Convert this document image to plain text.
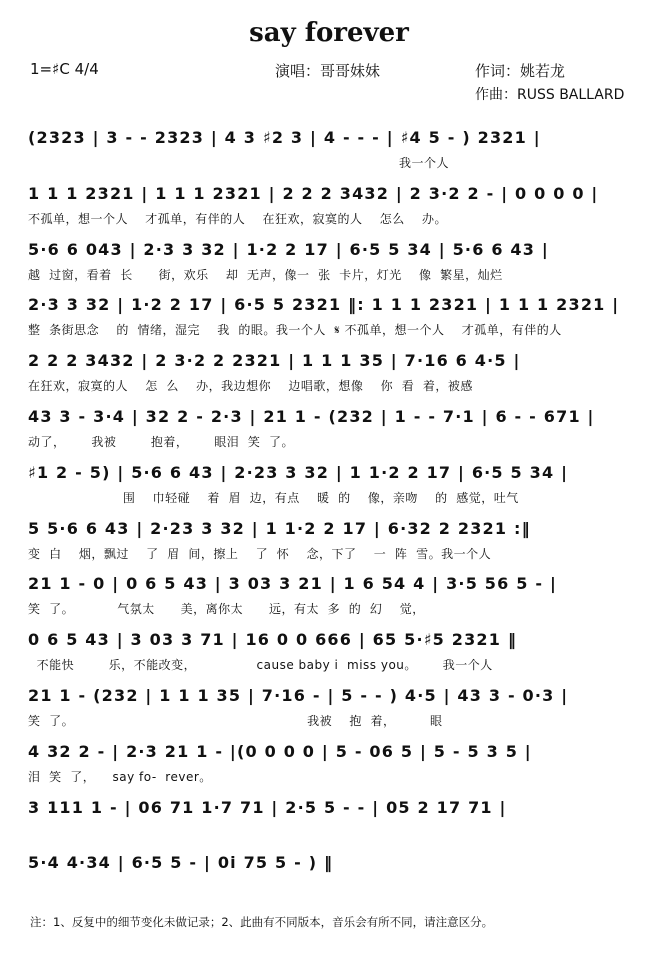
say forever
1=♯C 4/4	演唱：哥哥妹妹	作词：姚若龙
作曲：RUSS BALLARD
(2323 | 3 - - 2323 | 4 3 ♯2 3 | 4 - - - | ♯4 5 - ) 2321 |
我一个人
1 1 1 2321 | 1 1 1 2321 | 2 2 2 3432 | 2 3·2 2 - | 0 0 0 0 |
不孤单，想一个人    才孤单，有伴的人    在狂欢，寂寞的人    怎么    办。
5·6 6 043 | 2·3 3 32 | 1·2 2 17 | 6·5 5 34 | 5·6 6 43 |
越  过窗，看着  长      街，欢乐    却  无声，像一  张  卡片，灯光    像  繁星，灿烂
2·3 3 32 | 1·2 2 17 | 6·5 5 2321 ‖: 1 1 1 2321 | 1 1 1 2321 |
整  条街思念    的  情绪，湿完    我  的眼。我一个人  𝄋 不孤单，想一个人    才孤单，有伴的人
2 2 2 3432 | 2 3·2 2 2321 | 1 1 1 35 | 7·16 6 4·5 |
在狂欢，寂寞的人    怎  么    办，我边想你    边唱歌，想像    你  看  着，被感
43 3 - 3·4 | 32 2 - 2·3 | 21 1 - (232 | 1 - - 7·1 | 6 - - 671 |
动了，      我被        抱着，      眼泪  笑  了。
♯1 2 - 5) | 5·6 6 43 | 2·23 3 32 | 1 1·2 2 17 | 6·5 5 34 |
围    巾轻碰    着  眉  边，有点    暖  的    像，亲吻    的  感觉，吐气
5 5·6 6 43 | 2·23 3 32 | 1 1·2 2 17 | 6·32 2 2321 :‖
变  白    烟，飘过    了  眉  间，擦上    了  怀    念，下了    一  阵  雪。我一个人
21 1 - 0 | 0 6 5 43 | 3 03 3 21 | 1 6 54 4 | 3·5 56 5 - |
笑  了。          气氛太      美，离你太      远，有太  多  的  幻    觉，
0 6 5 43 | 3 03 3 71 | 16 0 0 666 | 65 5·♯5 2321 ‖
不能快        乐，不能改变，              cause baby i  miss you。      我一个人
21 1 - (232 | 1 1 1 35 | 7·16 - | 5 - - ) 4·5 | 43 3 - 0·3 |
笑  了。                                                      我被    抱  着，        眼
4 32 2 - | 2·3 21 1 - |(0 0 0 0 | 5 - 06 5 | 5 - 5 3 5 |
泪  笑  了，    say fo-  rever。
3 111 1 - | 06 71 1·7 71 | 2·5 5 - - | 05 2 17 71 |
5·4 4·34 | 6·5 5 - | 0i 75 5 - ) ‖
注：1、反复中的细节变化未做记录；2、此曲有不同版本，音乐会有所不同，请注意区分。
